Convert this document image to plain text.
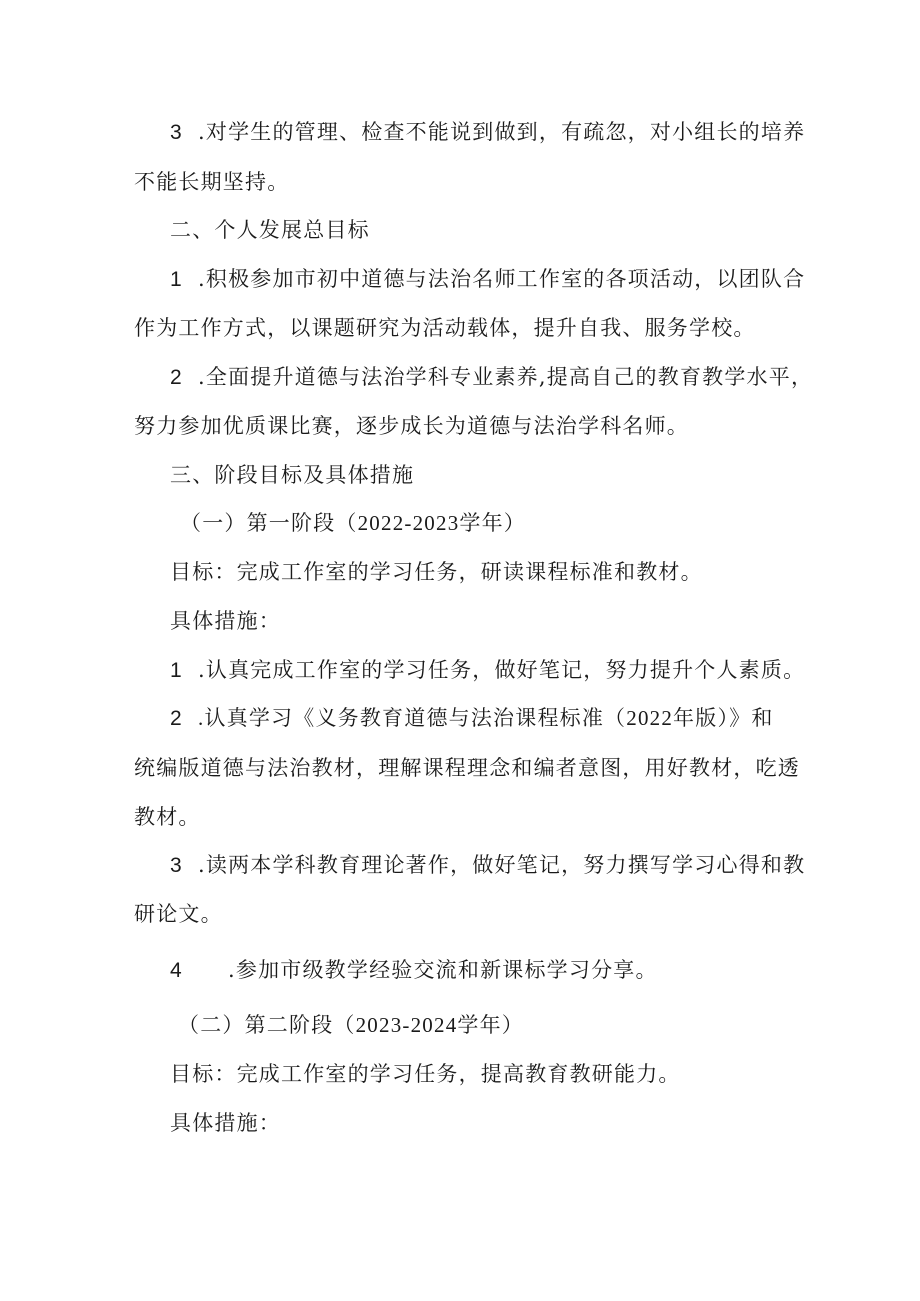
3 .对学生的管理、检查不能说到做到，有疏忽，对小组长的培养

不能长期坚持。

二、个人发展总目标

1 .积极参加市初中道德与法治名师工作室的各项活动，以团队合

作为工作方式，以课题研究为活动载体，提升自我、服务学校。

2 .全面提升道德与法治学科专业素养,提高自己的教育教学水平，

努力参加优质课比赛，逐步成长为道德与法治学科名师。

三、阶段目标及具体措施

（一）第一阶段（2022-2023学年）

目标：完成工作室的学习任务，研读课程标准和教材。

具体措施：

1 .认真完成工作室的学习任务，做好笔记，努力提升个人素质。

2 .认真学习《义务教育道德与法治课程标准（2022年版）》和

统编版道德与法治教材，理解课程理念和编者意图，用好教材，吃透

教材。

3 .读两本学科教育理论著作，做好笔记，努力撰写学习心得和教

研论文。

4 .参加市级教学经验交流和新课标学习分享。

（二）第二阶段（2023-2024学年）

目标：完成工作室的学习任务，提高教育教研能力。

具体措施：
